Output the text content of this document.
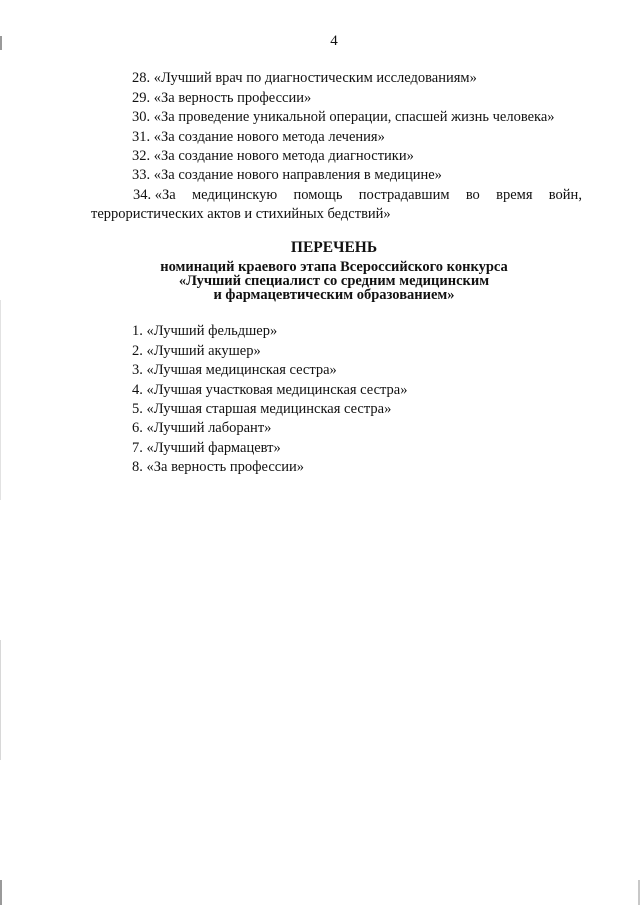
4
28. «Лучший врач по диагностическим исследованиям»
29. «За верность профессии»
30. «За проведение уникальной операции, спасшей жизнь человека»
31. «За создание нового метода лечения»
32. «За создание нового метода диагностики»
33. «За создание нового направления в медицине»
34. «За медицинскую помощь пострадавшим во время войн,
террористических актов и стихийных бедствий»
ПЕРЕЧЕНЬ
номинаций краевого этапа Всероссийского конкурса
«Лучший специалист со средним медицинским
и фармацевтическим образованием»
1. «Лучший фельдшер»
2. «Лучший акушер»
3. «Лучшая медицинская сестра»
4. «Лучшая участковая медицинская сестра»
5. «Лучшая старшая медицинская сестра»
6. «Лучший лаборант»
7. «Лучший фармацевт»
8. «За верность профессии»
